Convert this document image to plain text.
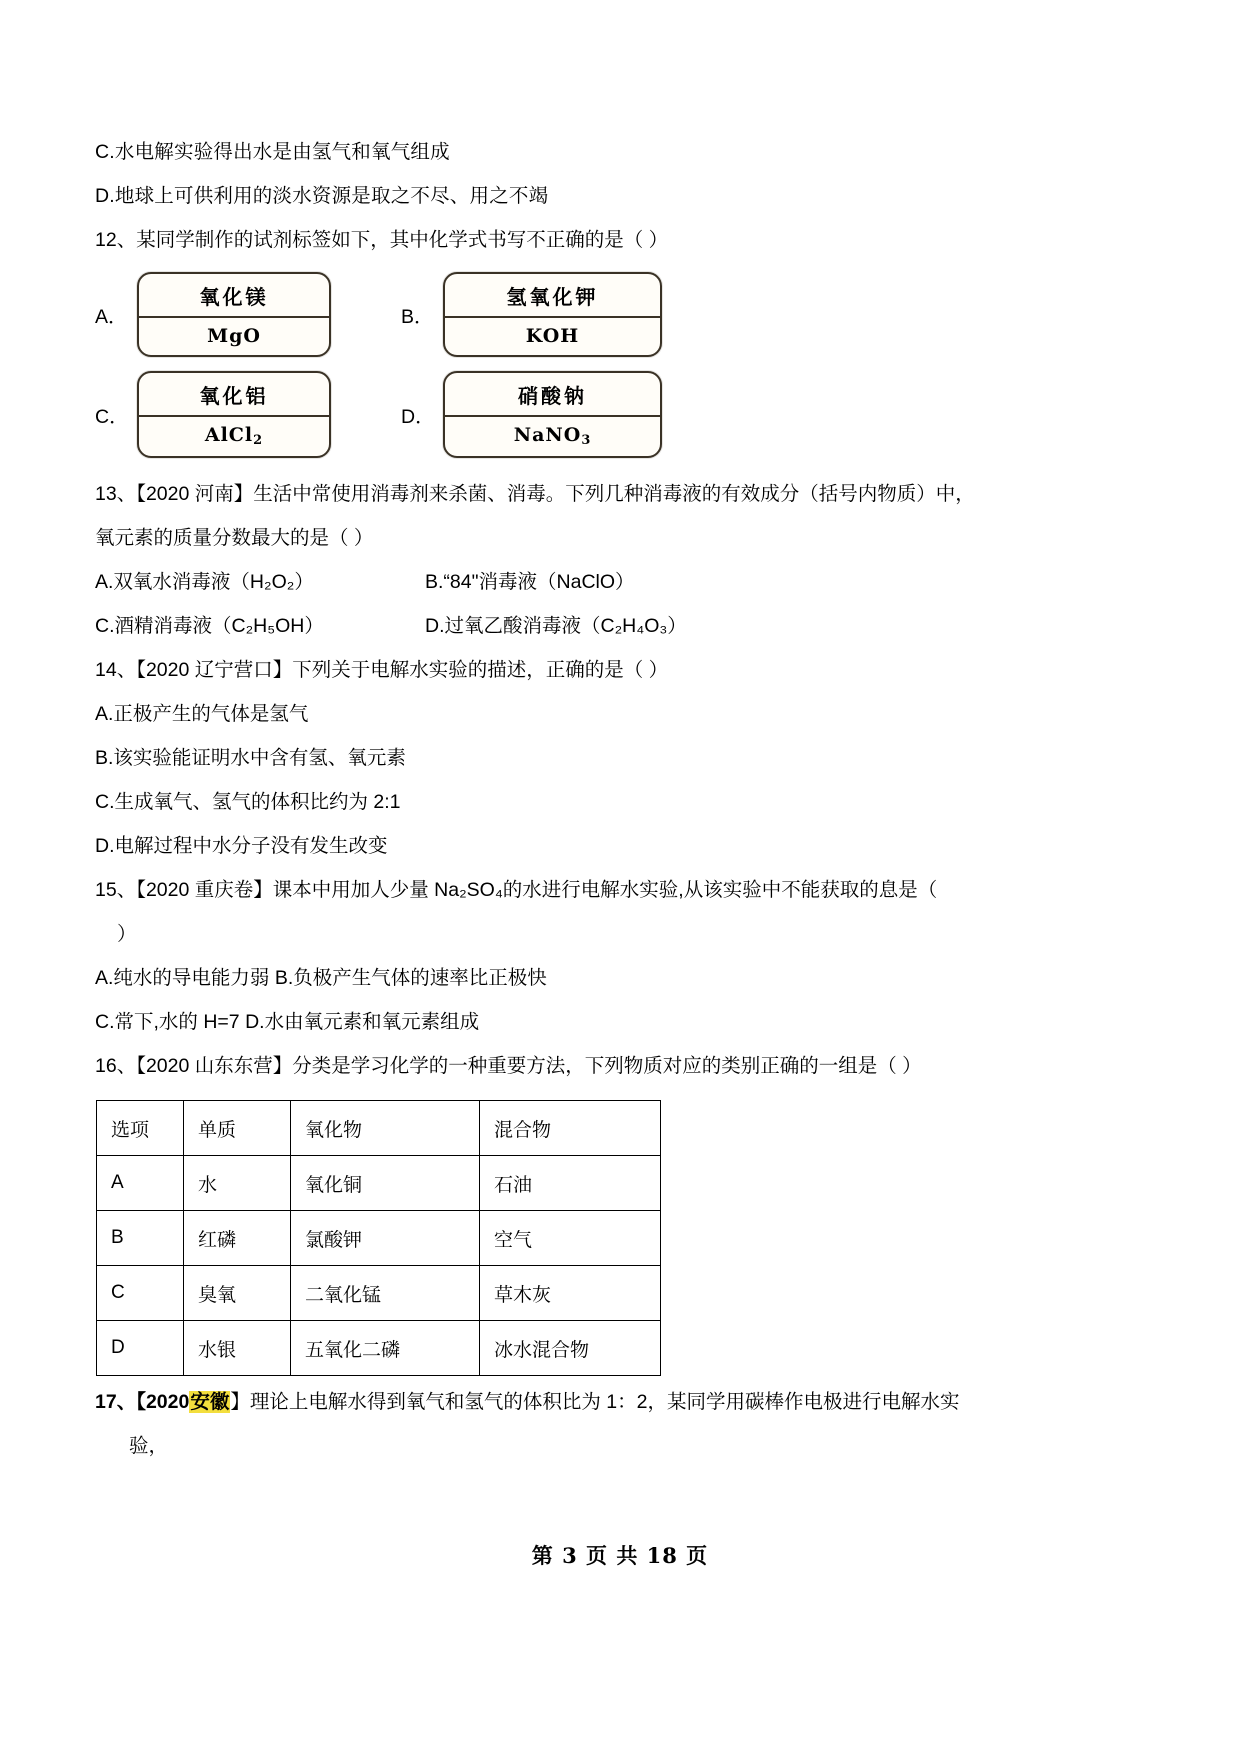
C.水电解实验得出水是由氢气和氧气组成
D.地球上可供利用的淡水资源是取之不尽、用之不竭
12、某同学制作的试剂标签如下，其中化学式书写不正确的是（ ）
A．
氧化镁
MgO
B．
氢氧化钾
KOH
C．
氧化铝
AlCl$_2$
D．
硝酸钠
NaNO$_3$
13、【2020 河南】生活中常使用消毒剂来杀菌、消毒。下列几种消毒液的有效成分（括号内物质）中，
氧元素的质量分数最大的是（ ）
A.双氧水消毒液（H₂O₂）	B.“84"消毒液（NaClO）
C.酒精消毒液（C₂H₅OH）	D.过氧乙酸消毒液（C₂H₄O₃）
14、【2020 辽宁营口】下列关于电解水实验的描述，正确的是（ ）
A.正极产生的气体是氢气
B.该实验能证明水中含有氢、氧元素
C.生成氧气、氢气的体积比约为 2:1
D.电解过程中水分子没有发生改变
15、【2020 重庆卷】课本中用加人少量 Na₂SO₄的水进行电解水实验,从该实验中不能获取的息是（
）
A.纯水的导电能力弱 B.负极产生气体的速率比正极快
C.常下,水的 H=7 D.水由氧元素和氧元素组成
16、【2020 山东东营】分类是学习化学的一种重要方法，下列物质对应的类别正确的一组是（ ）
选项	单质	氧化物	混合物
A	水	氧化铜	石油
B	红磷	氯酸钾	空气
C	臭氧	二氧化锰	草木灰
D	水银	五氧化二磷	冰水混合物
17、【2020安徽】理论上电解水得到氧气和氢气的体积比为 1：2，某同学用碳棒作电极进行电解水实
验，
第 3 页 共 18 页
